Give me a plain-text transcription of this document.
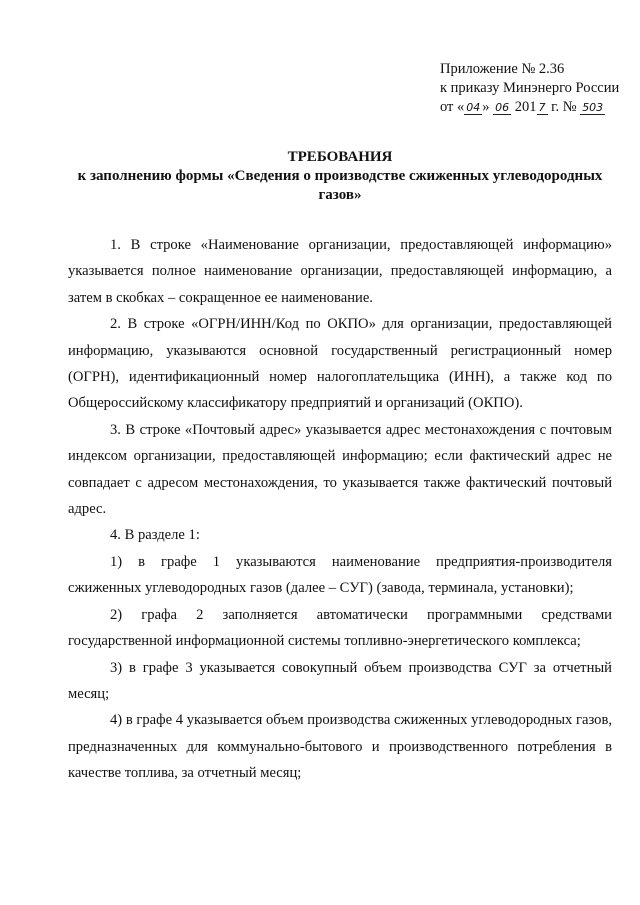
Приложение № 2.36
к приказу Минэнерго России
от « 04 » 06 201 7 г. № 503
ТРЕБОВАНИЯ
к заполнению формы «Сведения о производстве сжиженных углеводородных газов»

1. В строке «Наименование организации, предоставляющей информацию» указывается полное наименование организации, предоставляющей информацию, а затем в скобках – сокращенное ее наименование.

2. В строке «ОГРН/ИНН/Код по ОКПО» для организации, предоставляющей информацию, указываются основной государственный регистрационный номер (ОГРН), идентификационный номер налогоплательщика (ИНН), а также код по Общероссийскому классификатору предприятий и организаций (ОКПО).

3. В строке «Почтовый адрес» указывается адрес местонахождения с почтовым индексом организации, предоставляющей информацию; если фактический адрес не совпадает с адресом местонахождения, то указывается также фактический почтовый адрес.

4. В разделе 1:

1) в графе 1 указываются наименование предприятия-производителя сжиженных углеводородных газов (далее – СУГ) (завода, терминала, установки);

2) графа 2 заполняется автоматически программными средствами государственной информационной системы топливно-энергетического комплекса;

3) в графе 3 указывается совокупный объем производства СУГ за отчетный месяц;

4) в графе 4 указывается объем производства сжиженных углеводородных газов, предназначенных для коммунально-бытового и производственного потребления в качестве топлива, за отчетный месяц;
